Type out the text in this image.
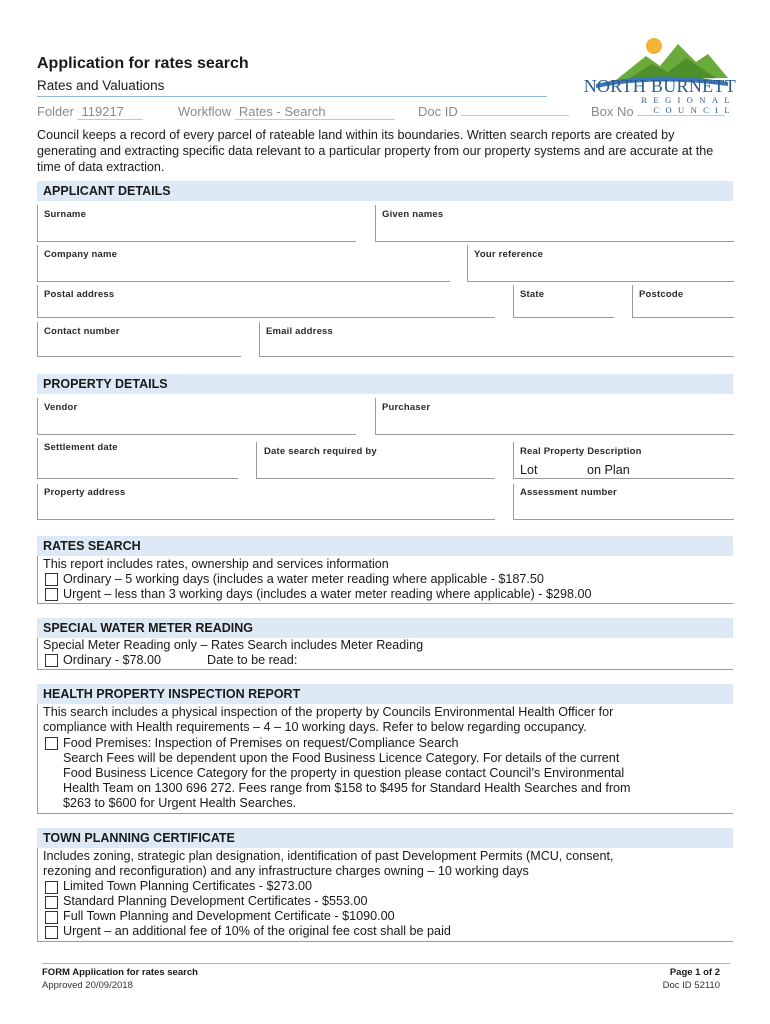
Application for rates search
Rates and Valuations
Folder 119217	Workflow Rates - Search	Doc ID	Box No
NORTH BURNETT
REGIONAL COUNCIL
Council keeps a record of every parcel of rateable land within its boundaries. Written search reports are created by generating and extracting specific data relevant to a particular property from our property systems and are accurate at the time of data extraction.
APPLICANT DETAILS
Surname	Given names
Company name	Your reference
Postal address	State	Postcode
Contact number	Email address
PROPERTY DETAILS
Vendor	Purchaser
Settlement date	Date search required by	Real Property Description
Lot	on Plan
Property address	Assessment number
RATES SEARCH
This report includes rates, ownership and services information
Ordinary – 5 working days (includes a water meter reading where applicable - $187.50
Urgent – less than 3 working days (includes a water meter reading where applicable) - $298.00
SPECIAL WATER METER READING
Special Meter Reading only – Rates Search includes Meter Reading
Ordinary - $78.00	Date to be read:
HEALTH PROPERTY INSPECTION REPORT
This search includes a physical inspection of the property by Councils Environmental Health Officer for
compliance with Health requirements – 4 – 10 working days. Refer to below regarding occupancy.
Food Premises: Inspection of Premises on request/Compliance Search
Search Fees will be dependent upon the Food Business Licence Category. For details of the current
Food Business Licence Category for the property in question please contact Council’s Environmental
Health Team on 1300 696 272. Fees range from $158 to $495 for Standard Health Searches and from
$263 to $600 for Urgent Health Searches.
TOWN PLANNING CERTIFICATE
Includes zoning, strategic plan designation, identification of past Development Permits (MCU, consent,
rezoning and reconfiguration) and any infrastructure charges owning – 10 working days
Limited Town Planning Certificates - $273.00
Standard Planning Development Certificates - $553.00
Full Town Planning and Development Certificate - $1090.00
Urgent – an additional fee of 10% of the original fee cost shall be paid
FORM Application for rates search
Approved 20/09/2018
Page 1 of 2
Doc ID 52110
